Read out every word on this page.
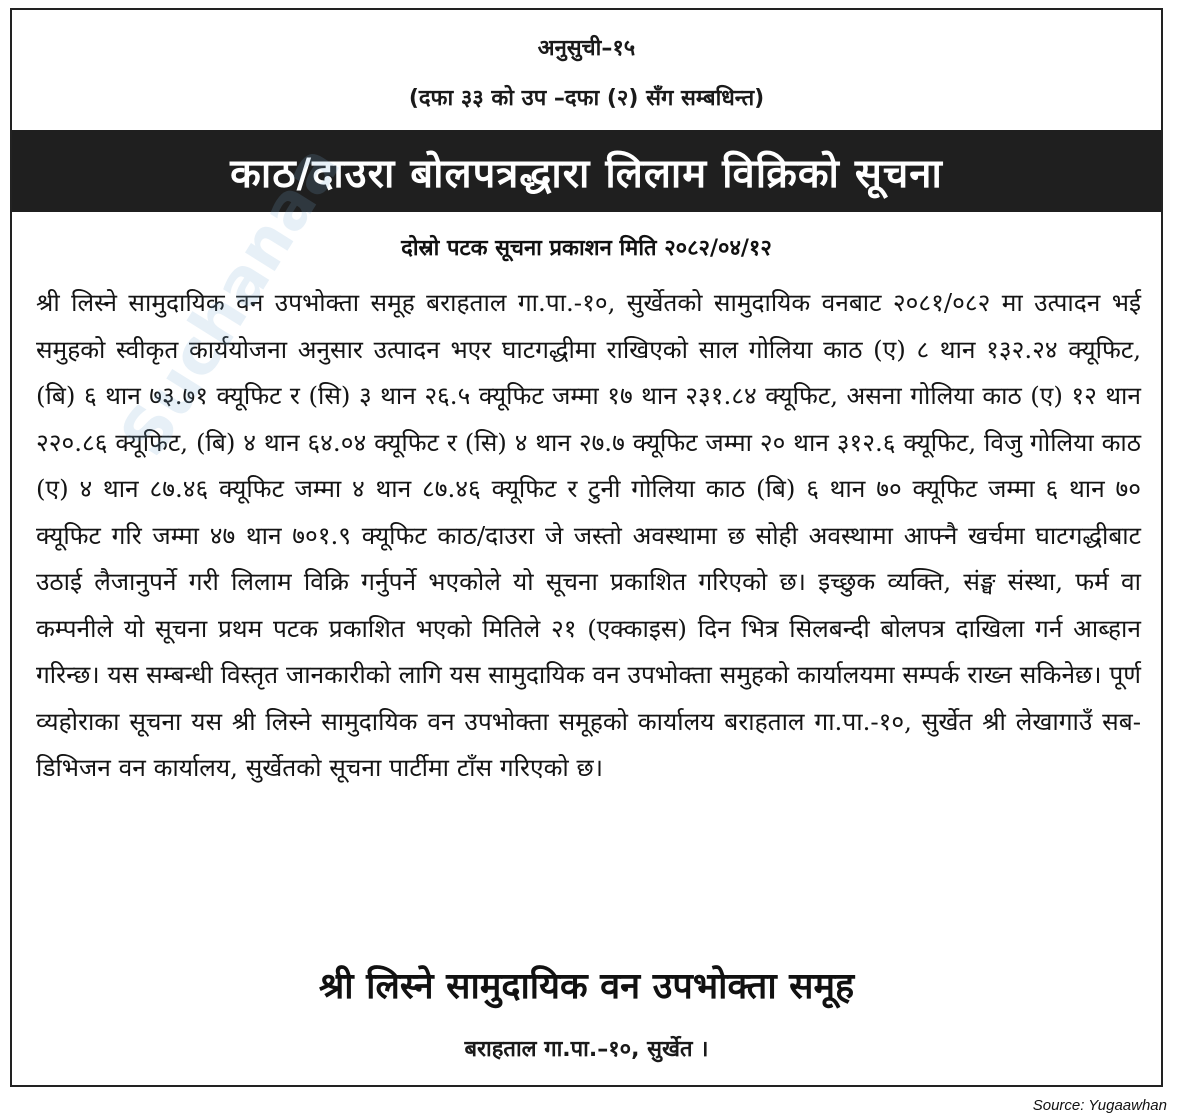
अनुसुची–१५
(दफा ३३ को उप –दफा (२) सँग सम्बधिन्त)
काठ/दाउरा बोलपत्रद्धारा लिलाम विक्रिको सूचना
दोस्रो पटक सूचना प्रकाशन मिति २०८२/०४/१२
श्री लिस्ने सामुदायिक वन उपभोक्ता समूह बराहताल गा.पा.-१०, सुर्खेतको सामुदायिक वनबाट २०८१/०८२ मा उत्पादन भई समुहको स्वीकृत कार्ययोजना अनुसार उत्पादन भएर घाटगद्धीमा राखिएको साल गोलिया काठ (ए) ८ थान १३२.२४ क्यूफिट, (बि) ६ थान ७३.७१ क्यूफिट र (सि) ३ थान २६.५ क्यूफिट जम्मा १७ थान २३१.८४ क्यूफिट, असना गोलिया काठ (ए) १२ थान २२०.८६ क्यूफिट, (बि) ४ थान ६४.०४ क्यूफिट र (सि) ४ थान २७.७ क्यूफिट जम्मा २० थान ३१२.६ क्यूफिट, विजु गोलिया काठ (ए) ४ थान ८७.४६ क्यूफिट जम्मा ४ थान ८७.४६ क्यूफिट र टुनी गोलिया काठ (बि) ६ थान ७० क्यूफिट जम्मा ६ थान ७० क्यूफिट गरि जम्मा ४७ थान ७०१.९ क्यूफिट काठ/दाउरा जे जस्तो अवस्थामा छ सोही अवस्थामा आफ्नै खर्चमा घाटगद्धीबाट उठाई लैजानुपर्ने गरी लिलाम विक्रि गर्नुपर्ने भएकोले यो सूचना प्रकाशित गरिएको छ। इच्छुक व्यक्ति, संङ्घ संस्था, फर्म वा कम्पनीले यो सूचना प्रथम पटक प्रकाशित भएको मितिले २१ (एक्काइस) दिन भित्र सिलबन्दी बोलपत्र दाखिला गर्न आब्हान गरिन्छ। यस सम्बन्धी विस्तृत जानकारीको लागि यस सामुदायिक वन उपभोक्ता समुहको कार्यालयमा सम्पर्क राख्न सकिनेछ। पूर्ण व्यहोराका सूचना यस श्री लिस्ने सामुदायिक वन उपभोक्ता समूहको कार्यालय बराहताल गा.पा.-१०, सुर्खेत श्री लेखागाउँ सब-डिभिजन वन कार्यालय, सुर्खेतको सूचना पार्टीमा टाँस गरिएको छ।
श्री लिस्ने सामुदायिक वन उपभोक्ता समूह
बराहताल गा.पा.–१०, सुर्खेत ।
Suchanaa
Source: Yugaawhan
